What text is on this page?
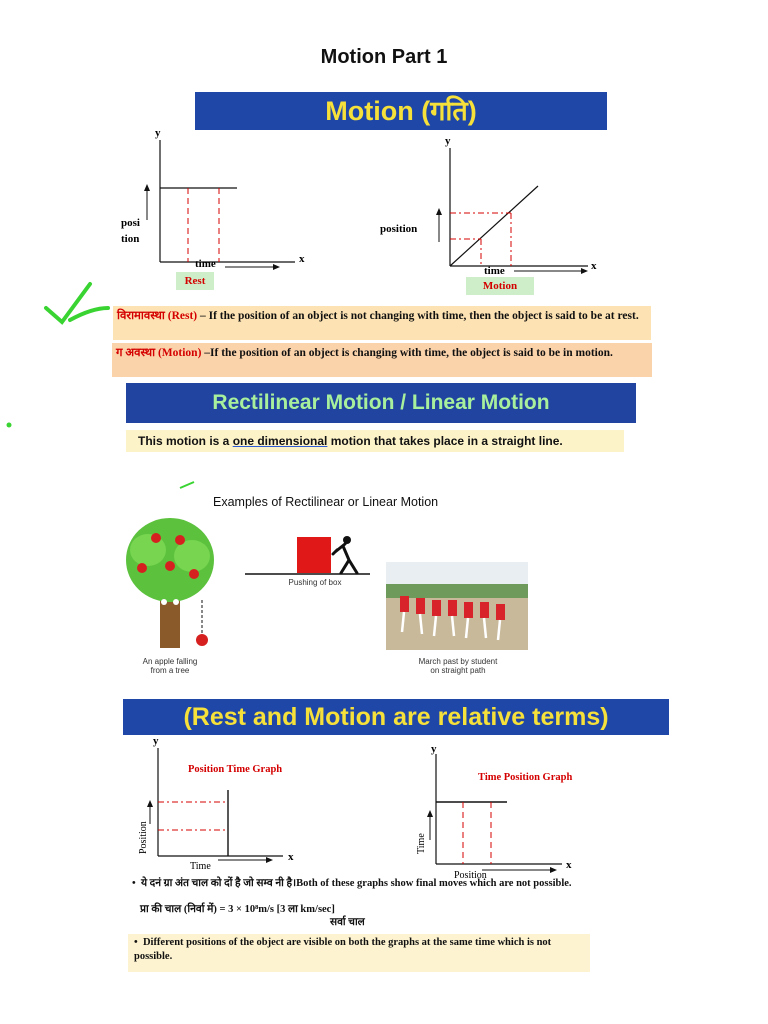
Motion Part 1
Motion (गति)
y
x
posi
tion
time
Rest
y
x
position
time
Motion
विरामावस्था (Rest) – If the position of an object is not changing with time, then the object is said to be at rest.
ग अवस्था (Motion) –If the position of an object is changing with time, the object is said to be in motion.
Rectilinear Motion / Linear Motion
This motion is a one dimensional motion that takes place in a straight line.
Examples of Rectilinear or Linear Motion
An apple falling
from a tree
Pushing of box
March past by student
on straight path
(Rest and Motion are relative terms)
y
x
Time
Position
Position Time Graph
y
x
Position
Time
Time Position Graph
•  ये दनं ग्रा अंत चाल को दों है जो सम्व नी है।Both of these graphs show final moves which are not possible.
प्रा की चाल (निर्वा में) = 3 × 10⁸m/s [3 ला km/sec]
सर्वा चाल
•  Different positions of the object are visible on both the graphs at the same time which is not possible.
